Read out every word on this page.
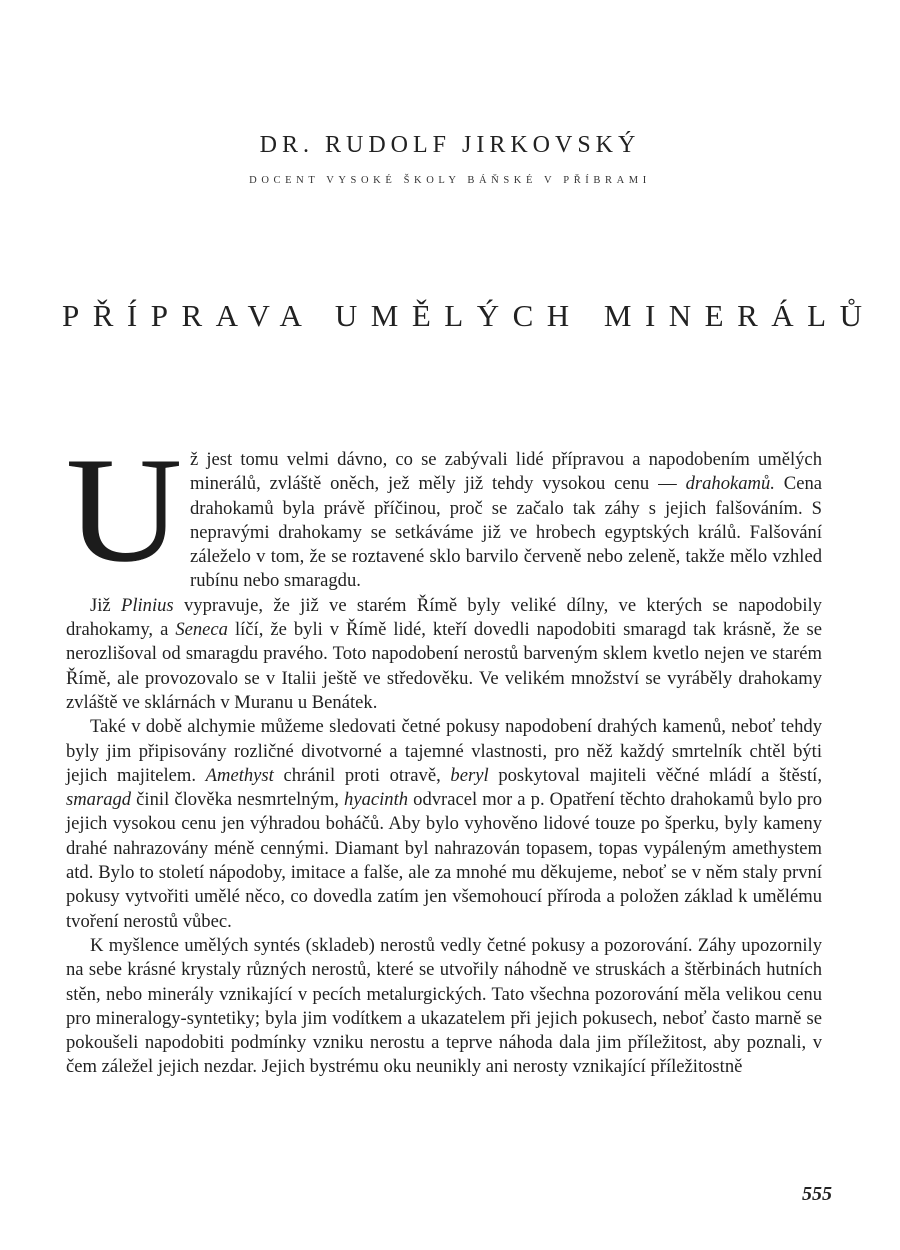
DR. RUDOLF JIRKOVSKÝ
DOCENT VYSOKÉ ŠKOLY BÁŇSKÉ V PŘÍBRAMI
PŘÍPRAVA UMĚLÝCH MINERÁLŮ
U ž jest tomu velmi dávno, co se zabývali lidé přípravou a napodobením umělých minerálů, zvláště oněch, jež měly již tehdy vysokou cenu — drahokamů. Cena drahokamů byla právě příčinou, proč se začalo tak záhy s jejich falšováním. S nepravými drahokamy se setkáváme již ve hrobech egyptských králů. Falšování záleželo v tom, že se roztavené sklo barvilo červeně nebo zeleně, takže mělo vzhled rubínu nebo smaragdu.

Již Plinius vypravuje, že již ve starém Římě byly veliké dílny, ve kterých se napodobily drahokamy, a Seneca líčí, že byli v Římě lidé, kteří dovedli napodobiti smaragd tak krásně, že se nerozlišoval od smaragdu pravého. Toto napodobení nerostů barveným sklem kvetlo nejen ve starém Římě, ale provozovalo se v Italii ještě ve středověku. Ve velikém množství se vyráběly drahokamy zvláště ve sklárnách v Muranu u Benátek.

Také v době alchymie můžeme sledovati četné pokusy napodobení drahých kamenů, neboť tehdy byly jim připisovány rozličné divotvorné a tajemné vlastnosti, pro něž každý smrtelník chtěl býti jejich majitelem. Amethyst chránil proti otravě, beryl poskytoval majiteli věčné mládí a štěstí, smaragd činil člověka nesmrtelným, hyacinth odvracel mor a p. Opatření těchto drahokamů bylo pro jejich vysokou cenu jen výhradou boháčů. Aby bylo vyhověno lidové touze po šperku, byly kameny drahé nahrazovány méně cennými. Diamant byl nahrazován topasem, topas vypáleným amethystem atd. Bylo to století nápodoby, imitace a falše, ale za mnohé mu děkujeme, neboť se v něm staly první pokusy vytvořiti umělé něco, co dovedla zatím jen všemohoucí příroda a položen základ k umělému tvoření nerostů vůbec.

K myšlence umělých syntés (skladeb) nerostů vedly četné pokusy a pozorování. Záhy upozornily na sebe krásné krystaly různých nerostů, které se utvořily náhodně ve struskách a štěrbinách hutních stěn, nebo minerály vznikající v pecích metalurgických. Tato všechna pozorování měla velikou cenu pro mineralogy-syntetiky; byla jim vodítkem a ukazatelem při jejich pokusech, neboť často marně se pokoušeli napodobiti podmínky vzniku nerostu a teprve náhoda dala jim příležitost, aby poznali, v čem záležel jejich nezdar. Jejich bystrému oku neunikly ani nerosty vznikající příležitostně

555
